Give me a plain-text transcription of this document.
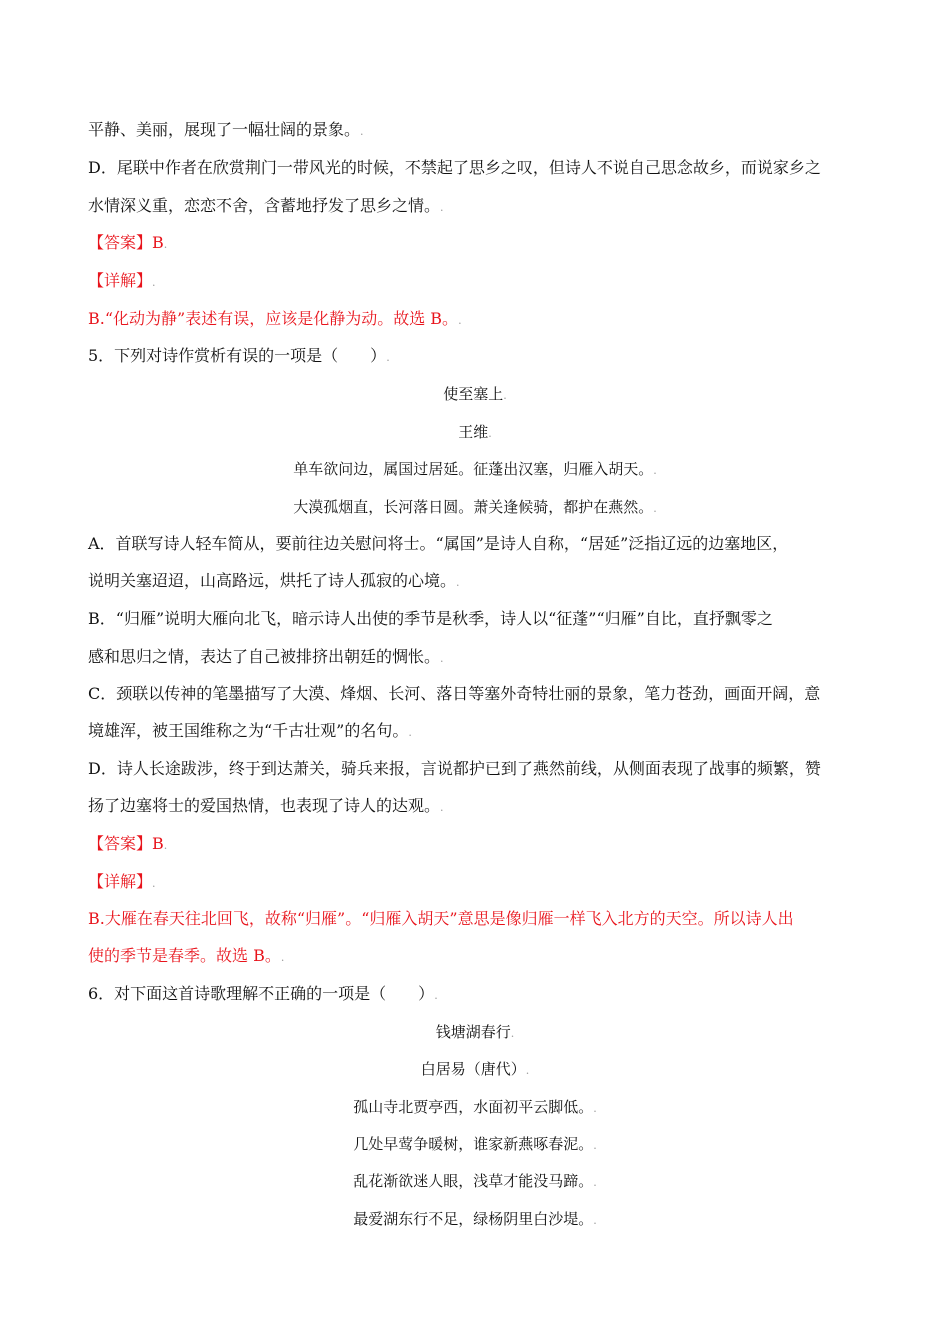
平静、美丽，展现了一幅壮阔的景象。.
D．尾联中作者在欣赏荆门一带风光的时候，不禁起了思乡之叹，但诗人不说自己思念故乡，而说家乡之
水情深义重，恋恋不舍，含蓄地抒发了思乡之情。.
【答案】B.
【详解】.
B.“化动为静”表述有误，应该是化静为动。故选 B。.
5．下列对诗作赏析有误的一项是（　　）.
使至塞上.
王维.
单车欲问边，属国过居延。征蓬出汉塞，归雁入胡天。.
大漠孤烟直，长河落日圆。萧关逢候骑，都护在燕然。.
A．首联写诗人轻车简从，要前往边关慰问将士。“属国”是诗人自称，“居延”泛指辽远的边塞地区，
说明关塞迢迢，山高路远，烘托了诗人孤寂的心境。.
B．“归雁”说明大雁向北飞，暗示诗人出使的季节是秋季，诗人以“征蓬”“归雁”自比，直抒飘零之
感和思归之情，表达了自己被排挤出朝廷的惆怅。.
C．颈联以传神的笔墨描写了大漠、烽烟、长河、落日等塞外奇特壮丽的景象，笔力苍劲，画面开阔，意
境雄浑，被王国维称之为“千古壮观”的名句。.
D．诗人长途跋涉，终于到达萧关，骑兵来报，言说都护已到了燕然前线，从侧面表现了战事的频繁，赞
扬了边塞将士的爱国热情，也表现了诗人的达观。.
【答案】B.
【详解】.
B.大雁在春天往北回飞，故称“归雁”。“归雁入胡天”意思是像归雁一样飞入北方的天空。所以诗人出
使的季节是春季。故选 B。.
6．对下面这首诗歌理解不正确的一项是（　　）.
钱塘湖春行.
白居易（唐代）.
孤山寺北贾亭西，水面初平云脚低。.
几处早莺争暖树，谁家新燕啄春泥。.
乱花渐欲迷人眼，浅草才能没马蹄。.
最爱湖东行不足，绿杨阴里白沙堤。.
